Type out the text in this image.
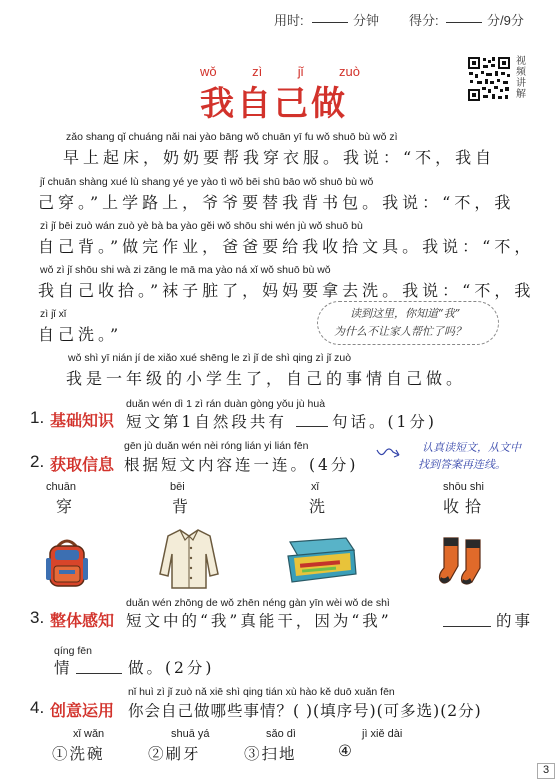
用时:	分钟 得分:	分/9分
视频讲解
wǒ	zì	jǐ	zuò
我自己做
zǎo shang qǐ chuáng nǎi nai yào bāng wǒ chuān yī fu wǒ shuō bù wǒ zì
早上起床，奶奶要帮我穿衣服。我说：“不，我自
jǐ chuān shàng xué lù shang yé ye yào tì wǒ bēi shū bāo wǒ shuō bù wǒ
己穿。”上学路上，爷爷要替我背书包。我说：“不，我
zì jǐ bēi zuò wán zuò yè bà ba yào gěi wǒ shōu shi wén jù wǒ shuō bù
自己背。”做完作业，爸爸要给我收拾文具。我说：“不，
wǒ zì jǐ shōu shi wà zi zāng le mā ma yào ná xǐ wǒ shuō bù wǒ
我自己收拾。”袜子脏了，妈妈要拿去洗。我说：“不，我
zì jǐ xǐ
自己洗。”
读到这里，你知道“我”
为什么不让家人帮忙了吗？
wǒ shì yī nián jí de xiǎo xué shēng le zì jǐ de shì qing zì jǐ zuò
我是一年级的小学生了，自己的事情自己做。
duǎn wén dì 1 zì rán duàn gòng yǒu jù huà
1. 基础知识 短文第1自然段共有	句话。(1分)
gēn jù duǎn wén nèi róng lián yi lián fēn
2. 获取信息 根据短文内容连一连。(4分)
认真读短文，从文中
找到答案再连线。
chuān
穿
bēi
背
xǐ
洗
shōu shi
收拾
duǎn wén zhōng de wǒ zhēn néng gàn yīn wèi wǒ de shì
3. 整体感知 短文中的“我”真能干，因为“我”	的事
qíng fēn
情	做。(2分)
nǐ huì zì jǐ zuò nǎ xiē shì qing tián xù hào kě duō xuǎn fēn
4. 创意运用 你会自己做哪些事情？( )(填序号)(可多选)(2分)
xǐ wǎn
①洗碗
shuā yá
②刷牙
sǎo dì
③扫地
jì xiě dài
④
3
